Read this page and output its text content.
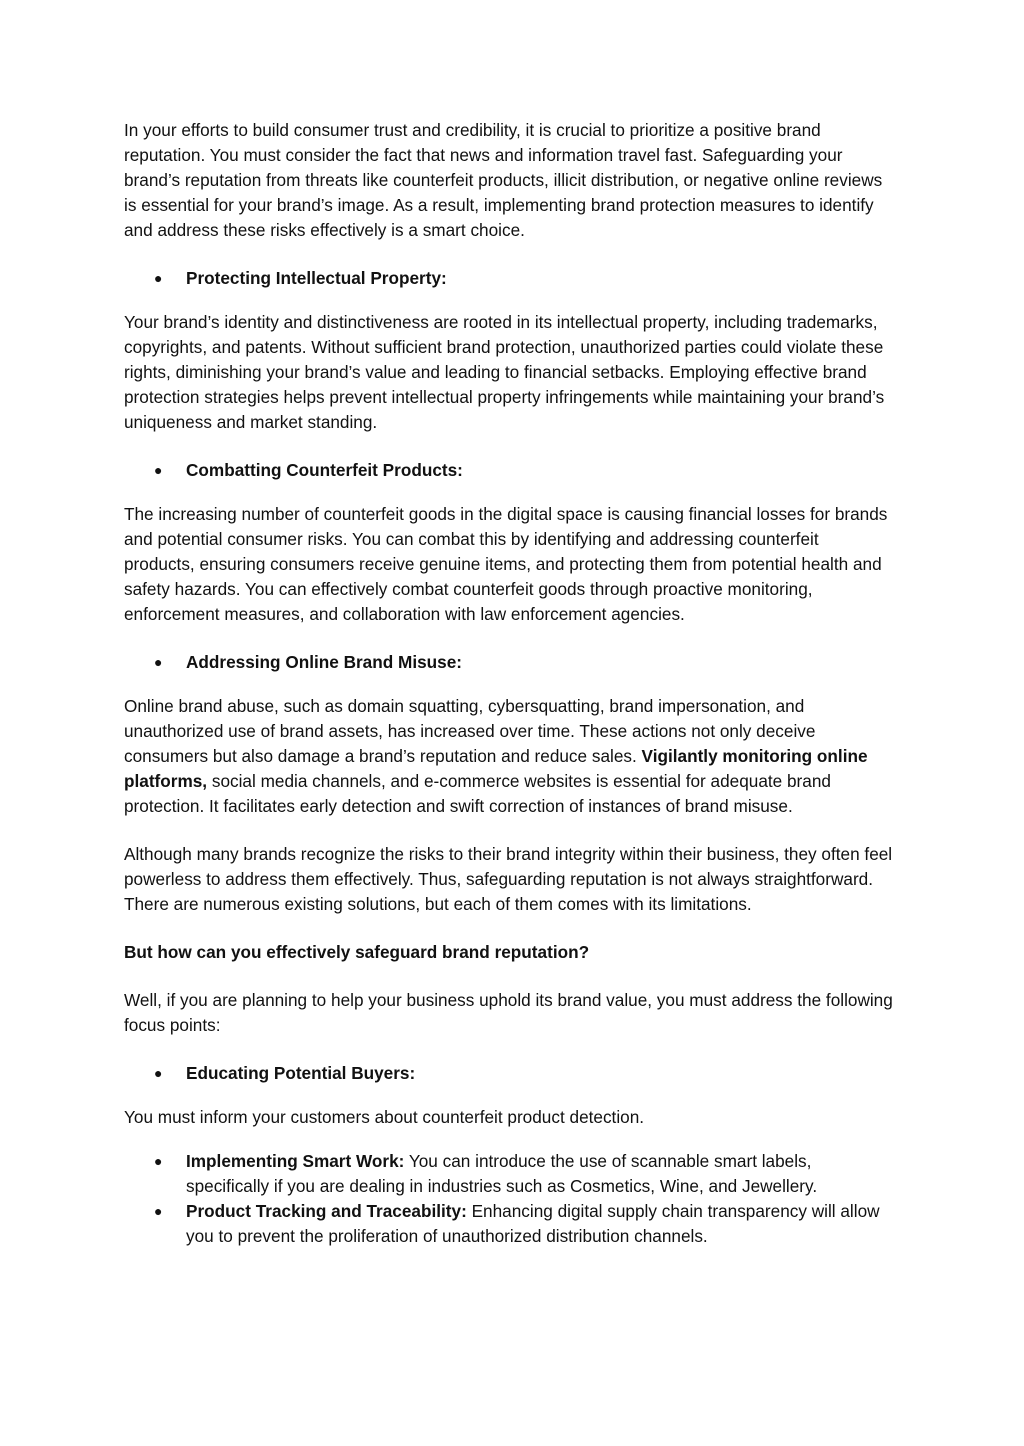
In your efforts to build consumer trust and credibility, it is crucial to prioritize a positive brand reputation. You must consider the fact that news and information travel fast. Safeguarding your brand’s reputation from threats like counterfeit products, illicit distribution, or negative online reviews is essential for your brand’s image. As a result, implementing brand protection measures to identify and address these risks effectively is a smart choice.

● Protecting Intellectual Property:

Your brand’s identity and distinctiveness are rooted in its intellectual property, including trademarks, copyrights, and patents. Without sufficient brand protection, unauthorized parties could violate these rights, diminishing your brand’s value and leading to financial setbacks. Employing effective brand protection strategies helps prevent intellectual property infringements while maintaining your brand’s uniqueness and market standing.

● Combatting Counterfeit Products:

The increasing number of counterfeit goods in the digital space is causing financial losses for brands and potential consumer risks. You can combat this by identifying and addressing counterfeit products, ensuring consumers receive genuine items, and protecting them from potential health and safety hazards. You can effectively combat counterfeit goods through proactive monitoring, enforcement measures, and collaboration with law enforcement agencies.

● Addressing Online Brand Misuse:

Online brand abuse, such as domain squatting, cybersquatting, brand impersonation, and unauthorized use of brand assets, has increased over time. These actions not only deceive consumers but also damage a brand’s reputation and reduce sales. Vigilantly monitoring online platforms, social media channels, and e-commerce websites is essential for adequate brand protection. It facilitates early detection and swift correction of instances of brand misuse.

Although many brands recognize the risks to their brand integrity within their business, they often feel powerless to address them effectively. Thus, safeguarding reputation is not always straightforward. There are numerous existing solutions, but each of them comes with its limitations.

But how can you effectively safeguard brand reputation?

Well, if you are planning to help your business uphold its brand value, you must address the following focus points:

● Educating Potential Buyers:

You must inform your customers about counterfeit product detection.

● Implementing Smart Work: You can introduce the use of scannable smart labels, specifically if you are dealing in industries such as Cosmetics, Wine, and Jewellery.
● Product Tracking and Traceability: Enhancing digital supply chain transparency will allow you to prevent the proliferation of unauthorized distribution channels.
